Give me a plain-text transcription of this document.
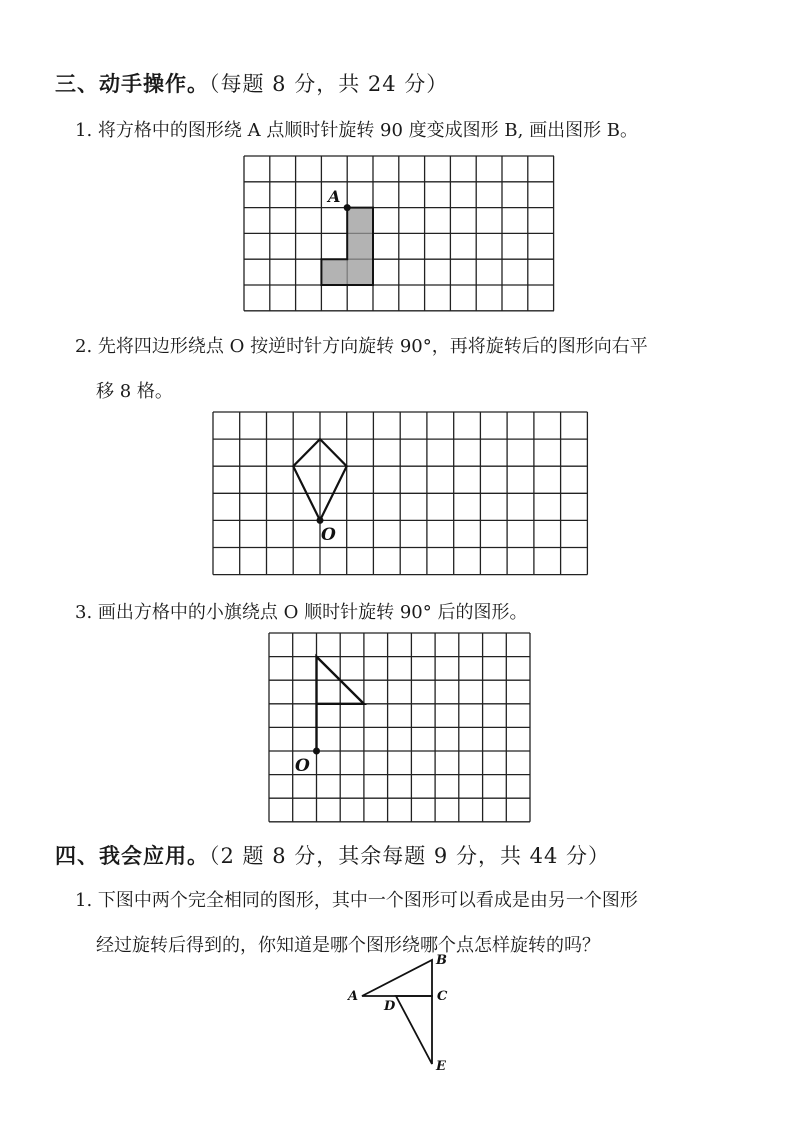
三、动手操作。（每题 8 分，共 24 分）
1. 将方格中的图形绕 A 点顺时针旋转 90 度变成图形 B, 画出图形 B。
A
2. 先将四边形绕点 O 按逆时针方向旋转 90°，再将旋转后的图形向右平
移 8 格。
O
3. 画出方格中的小旗绕点 O 顺时针旋转 90° 后的图形。
O
四、我会应用。（2 题 8 分，其余每题 9 分，共 44 分）
1. 下图中两个完全相同的图形，其中一个图形可以看成是由另一个图形
经过旋转后得到的，你知道是哪个图形绕哪个点怎样旋转的吗？
B
A	C
D
E
